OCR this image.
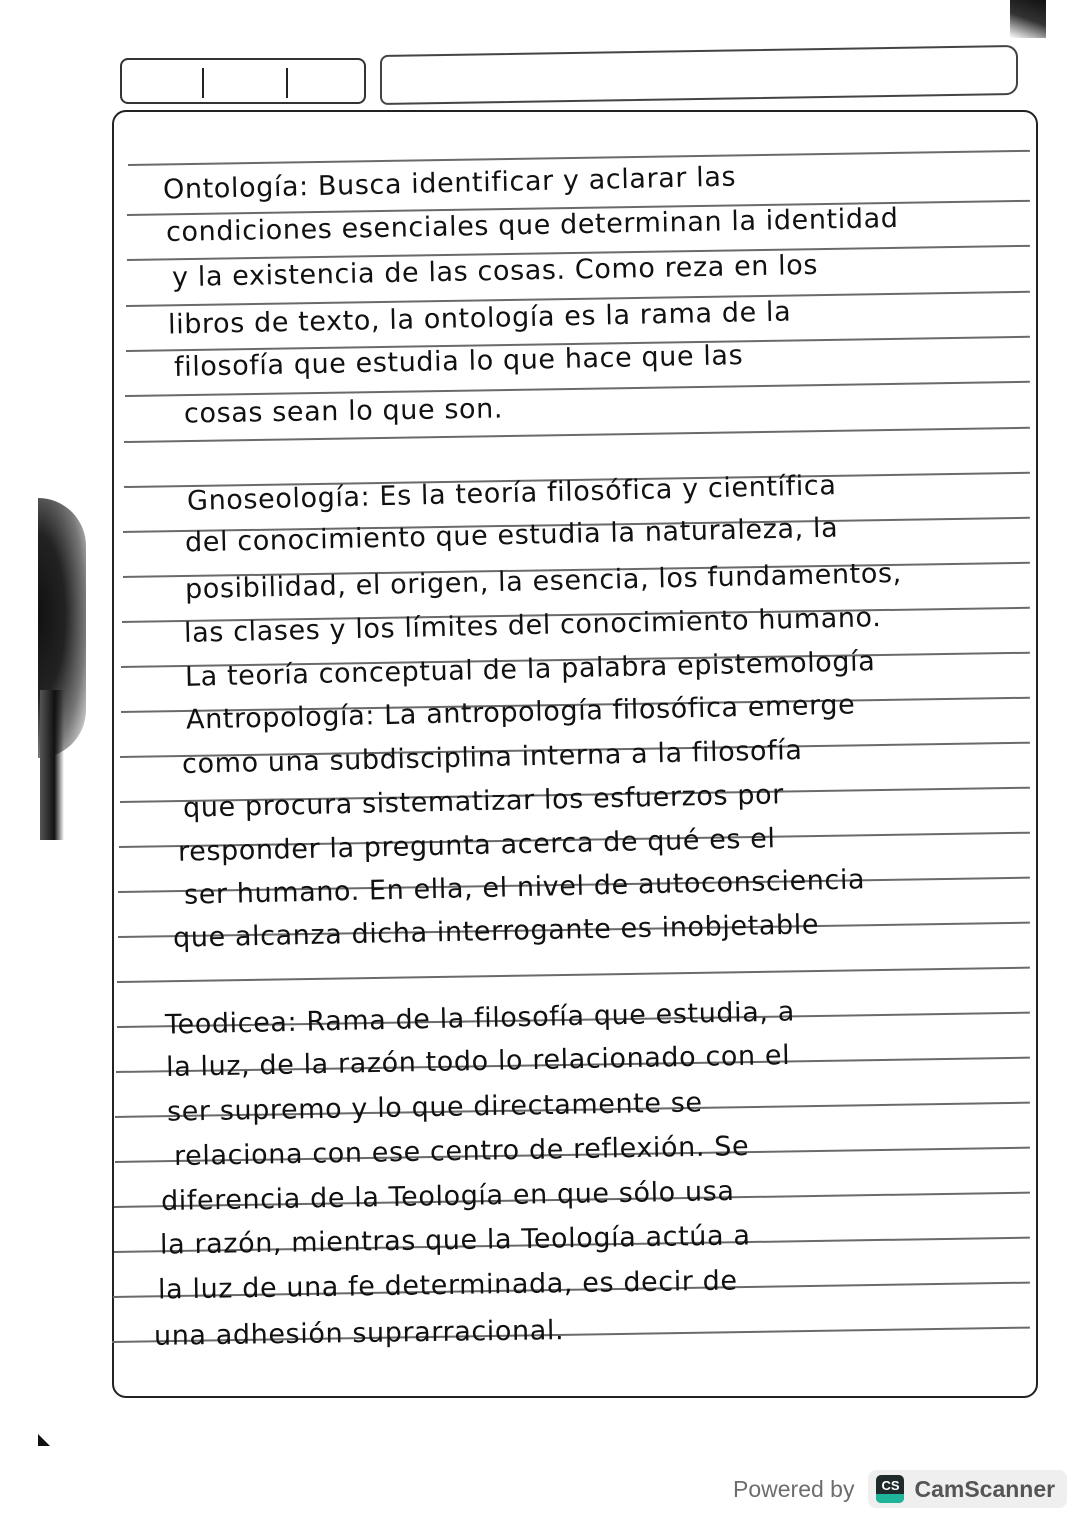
Ontología: Busca identificar y aclarar las
condiciones esenciales que determinan la identidad
y la existencia de las cosas. Como reza en los
libros de texto, la ontología es la rama de la
filosofía que estudia lo que hace que las
cosas sean lo que son.
Gnoseología: Es la teoría filosófica y científica
del conocimiento que estudia la naturaleza, la
posibilidad, el origen, la esencia, los fundamentos,
las clases y los límites del conocimiento humano.
La teoría conceptual de la palabra epistemología
Antropología: La antropología filosófica emerge
como una subdisciplina interna a la filosofía
que procura sistematizar los esfuerzos por
responder la pregunta acerca de qué es el
ser humano. En ella, el nivel de autoconsciencia
que alcanza dicha interrogante es inobjetable
Teodicea: Rama de la filosofía que estudia, a
la luz, de la razón todo lo relacionado con el
ser supremo y lo que directamente se
relaciona con ese centro de reflexión. Se
diferencia de la Teología en que sólo usa
la razón, mientras que la Teología actúa a
la luz de una fe determinada, es decir de
una adhesión suprarracional.
Powered by CS CamScanner
